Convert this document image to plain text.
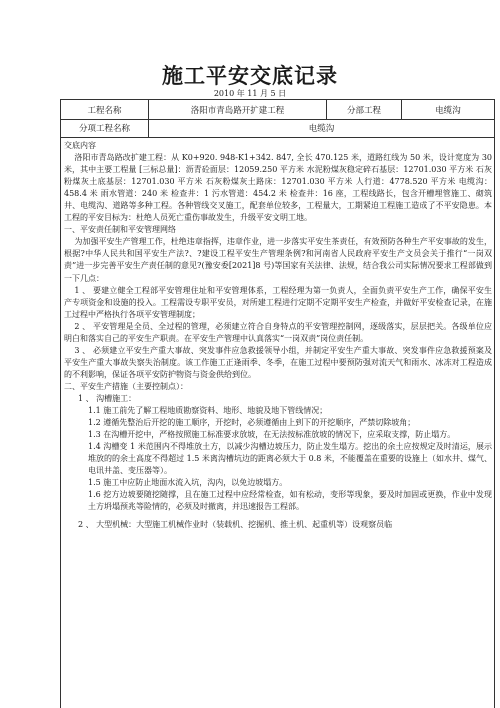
施工平安交底记录
2010 年 11 月 5 日
工程名称	洛阳市青岛路开扩建工程	分部工程	电缆沟
分项工程名称	电缆沟

交底内容

洛阳市青岛路改扩建工程：从 K0+920. 948-K1+342. 847, 全长 470.125 米，道路红线为 50 米，设计宽度为 30 米，其中主要工程量 [三标总量]：沥青砼面层：12059.250 平方米 水泥粉煤灰稳定碎石基层：12701.030 平方米 石灰粉煤灰土底基层：12701.030 平方米 石灰粉煤灰土路床：12701.030 平方米 人行道：4778.520 平方米 电缆沟：458.4 米 雨水管道：240 米 检查井：1 污水管道：454.2 米 检查井：16 座，工程线路长，包含开槽埋管施工、砌筑井、电缆沟、道路等多种工程。各种管线交叉施工，配套单位较多，工程量大，工期紧迫工程施工造成了不平安隐患。本工程的平安目标为：杜绝人员死亡重伤事故发生，升级平安文明工地。

一、平安责任制和平安管理网络

为加强平安生产管理工作，杜绝违章指挥，违章作业，进一步落实平安生茶责任，有效预防各种生产平安事故的发生，根据?中华人民共和国平安生产法?、?建设工程平安生产管理条例?和河南省人民政府平安生产文员会关于推行“一岗双责”进一步完善平安生产责任制的意见?(豫安委[2021]8 号)等国家有关法律、法规，结合我公司实际情况要求工程部做到一下几点：

1 、 要建立健全工程部平安管理住址和平安管理体系，工程经理为第一负责人，全面负责平安生产工作，确保平安生产专项资金和设施的投入。工程需设专职平安员，对所建工程进行定期不定期平安生产检查，并做好平安检查记录，在施工过程中严格执行各项平安管理制度；

2 、 平安管理是全员、全过程的管理，必须建立符合自身特点的平安管理控制网，逐级落实，层层把关。各级单位应明白和落实自己的平安生产职责。在平安生产管理中认真落实“一岗双责”岗位责任制。

3 、 必须建立平安生产重大事故、突发事件应急救援领导小组，并制定平安生产重大事故、突发事件应急救援预案及平安生产重大事故失察失治制度。该工作施工正逢雨季、冬季，在施工过程中要预防强对流天气和雨水、冰冻对工程造成的不利影响，保证各项平安防护物资与资金供给到位。

二、平安生产措施（主要控制点）：

1 、 沟槽施工：

1.1 施工前先了解工程地质勘察资料、地形、地貌及地下管线情况；

1.2 遵循先整治后开挖的施工顺序，开挖时，必须遵循由上到下的开挖顺序，严禁切除坡角；

1.3 在沟槽开挖中，严格按照施工标准要求放坡，在无法按标准放坡的情况下，应采取支撑，防止塌方。

1.4 沟槽变 1 米范围内不得堆放土方，以减少沟槽边坡压力，防止发生塌方。挖出的余土应按规定及时清运，展示堆放的的余土高度不得超过 1.5 米离沟槽坑边的距离必须大于 0.8 米，不能覆盖在重要的设施上（如水井、煤气、电讯井盖、变压器等）。

1.5 施工中应防止地面水流入坑，沟内，以免边坡塌方。

1.6 挖方边坡要随挖随撑，且在施工过程中应经常检查，如有松动，变形等现象，要及时加固或更换，作业中发现土方坍塌预兆等险情的，必须及时撤离，并迅速报告工程部。

2 、 大型机械：大型施工机械作业时（装载机、挖掘机、推土机、起重机等）设观察员临
